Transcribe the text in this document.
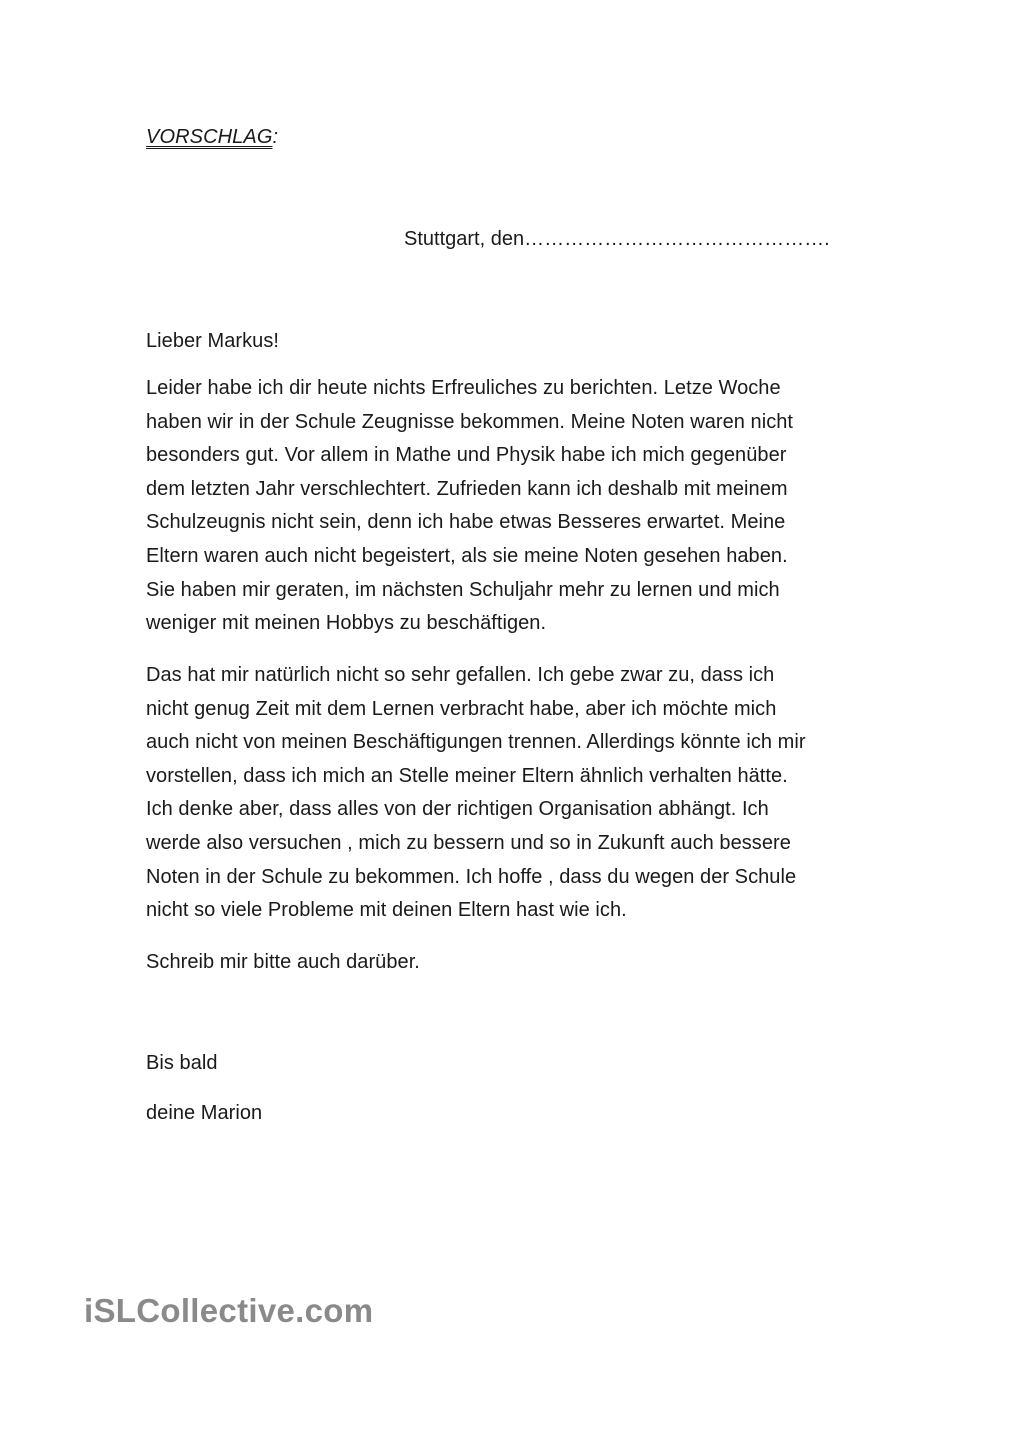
VORSCHLAG:
Stuttgart, den……………………………………….
Lieber Markus!
Leider habe ich dir heute nichts Erfreuliches zu berichten. Letze Woche
haben wir in der Schule Zeugnisse bekommen. Meine Noten waren nicht
besonders gut. Vor allem in Mathe und Physik habe ich mich gegenüber
dem letzten Jahr verschlechtert. Zufrieden kann ich deshalb mit meinem
Schulzeugnis nicht sein, denn ich habe etwas Besseres erwartet. Meine
Eltern waren auch nicht begeistert, als sie meine Noten gesehen haben.
Sie haben mir geraten, im nächsten Schuljahr mehr zu lernen und mich
weniger mit meinen Hobbys zu beschäftigen.
Das hat mir natürlich nicht so sehr gefallen. Ich gebe zwar zu, dass ich
nicht genug Zeit mit dem Lernen verbracht habe, aber ich möchte mich
auch nicht von meinen Beschäftigungen trennen. Allerdings könnte ich mir
vorstellen, dass ich mich an Stelle meiner Eltern ähnlich verhalten hätte.
Ich denke aber, dass alles von der richtigen Organisation abhängt. Ich
werde also versuchen , mich zu bessern und so in Zukunft auch bessere
Noten in der Schule zu bekommen. Ich hoffe , dass du wegen der Schule
nicht so viele Probleme mit deinen Eltern hast wie ich.
Schreib mir bitte auch darüber.
Bis bald
deine Marion
iSLCollective.com
